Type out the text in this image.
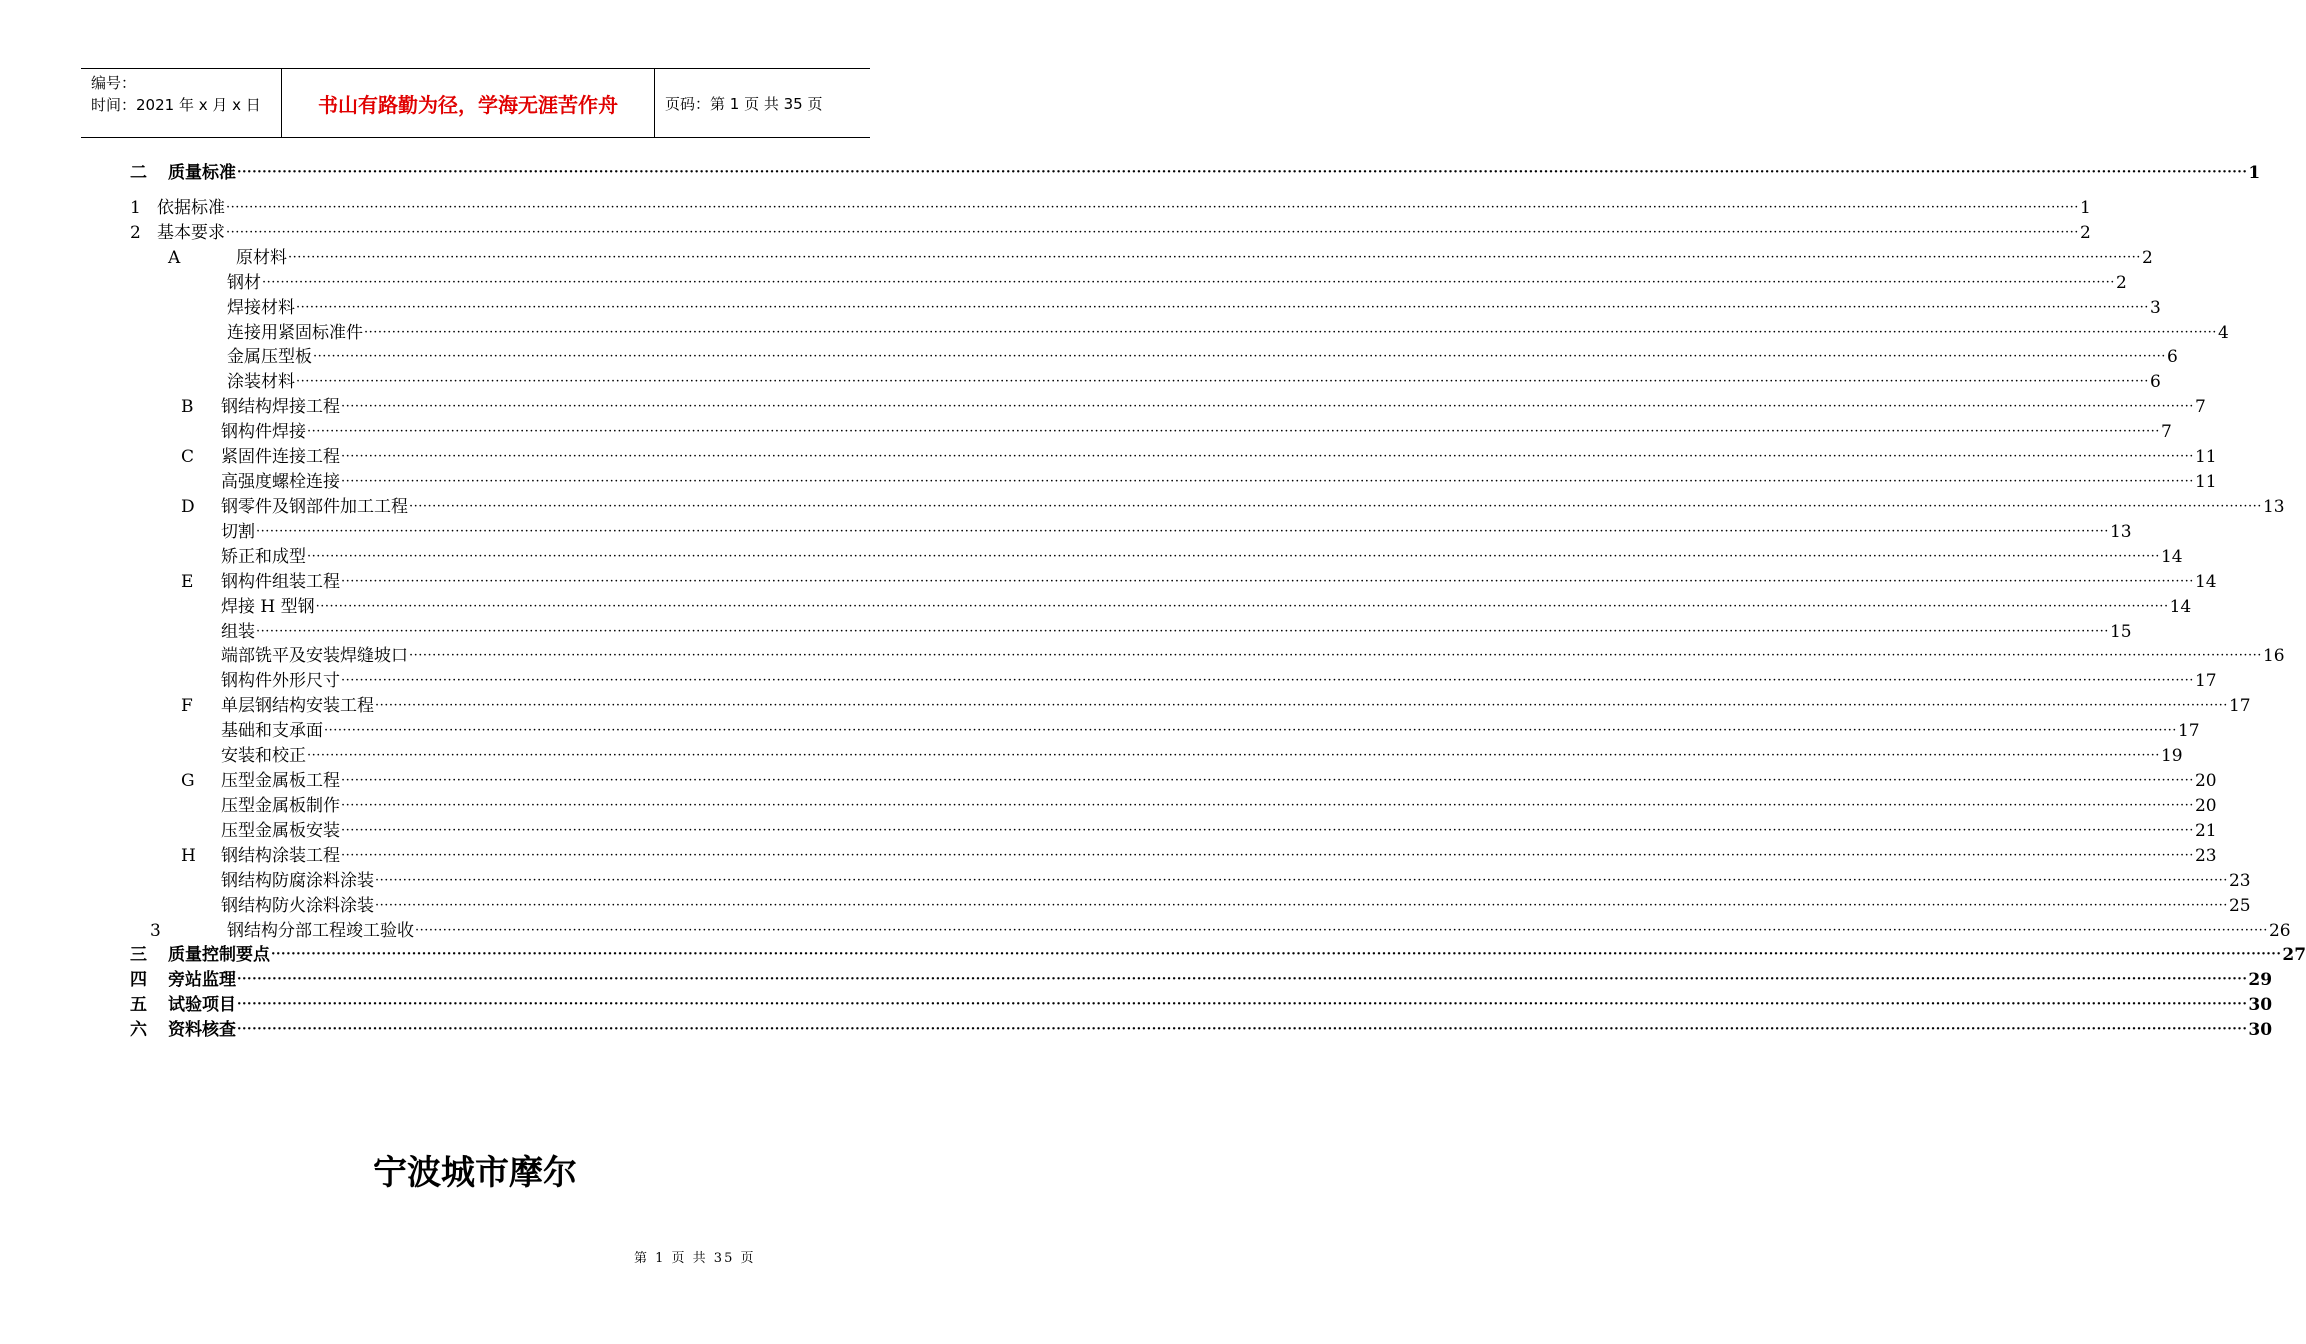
编号：
时间：2021 年 x 月 x 日	书山有路勤为径，学海无涯苦作舟	页码：第 1 页 共 35 页
二 质量标准 ················································································································································································································································································································································································································ 1
1 依据标准 ················································································································································································································································································································································································································ 1
2 基本要求 ················································································································································································································································································································································································································ 2
A	原材料 ················································································································································································································································································································································································································ 2
钢材 ················································································································································································································································································································································································································ 2
焊接材料 ················································································································································································································································································································································································································ 3
连接用紧固标准件 ················································································································································································································································································································································································································ 4
金属压型板 ················································································································································································································································································································································································································ 6
涂装材料 ················································································································································································································································································································································································································ 6
B 钢结构焊接工程 ················································································································································································································································································································································································································ 7
钢构件焊接 ················································································································································································································································································································································································································ 7
C 紧固件连接工程 ················································································································································································································································································································································································································ 11
高强度螺栓连接 ················································································································································································································································································································································································································ 11
D 钢零件及钢部件加工工程 ················································································································································································································································································································································································································ 13
切割 ················································································································································································································································································································································································································ 13
矫正和成型 ················································································································································································································································································································································································································ 14
E 钢构件组装工程 ················································································································································································································································································································································································································ 14
焊接 H 型钢 ················································································································································································································································································································································································································ 14
组装 ················································································································································································································································································································································································································ 15
端部铣平及安装焊缝坡口 ················································································································································································································································································································································································································ 16
钢构件外形尺寸 ················································································································································································································································································································································································································ 17
F 单层钢结构安装工程 ················································································································································································································································································································································································································ 17
基础和支承面 ················································································································································································································································································································································································································ 17
安装和校正 ················································································································································································································································································································································································································ 19
G 压型金属板工程 ················································································································································································································································································································································································································ 20
压型金属板制作 ················································································································································································································································································································································································································ 20
压型金属板安装 ················································································································································································································································································································································································································ 21
H 钢结构涂装工程 ················································································································································································································································································································································································································ 23
钢结构防腐涂料涂装 ················································································································································································································································································································································································································ 23
钢结构防火涂料涂装 ················································································································································································································································································································································································································ 25
3	钢结构分部工程竣工验收 ················································································································································································································································································································································································································ 26
三 质量控制要点 ················································································································································································································································································································································································································ 27
四 旁站监理 ················································································································································································································································································································································································································ 29
五 试验项目 ················································································································································································································································································································································································································ 30
六 资料核查 ················································································································································································································································································································································································································ 30
宁波城市摩尔
第 1 页 共 35 页
